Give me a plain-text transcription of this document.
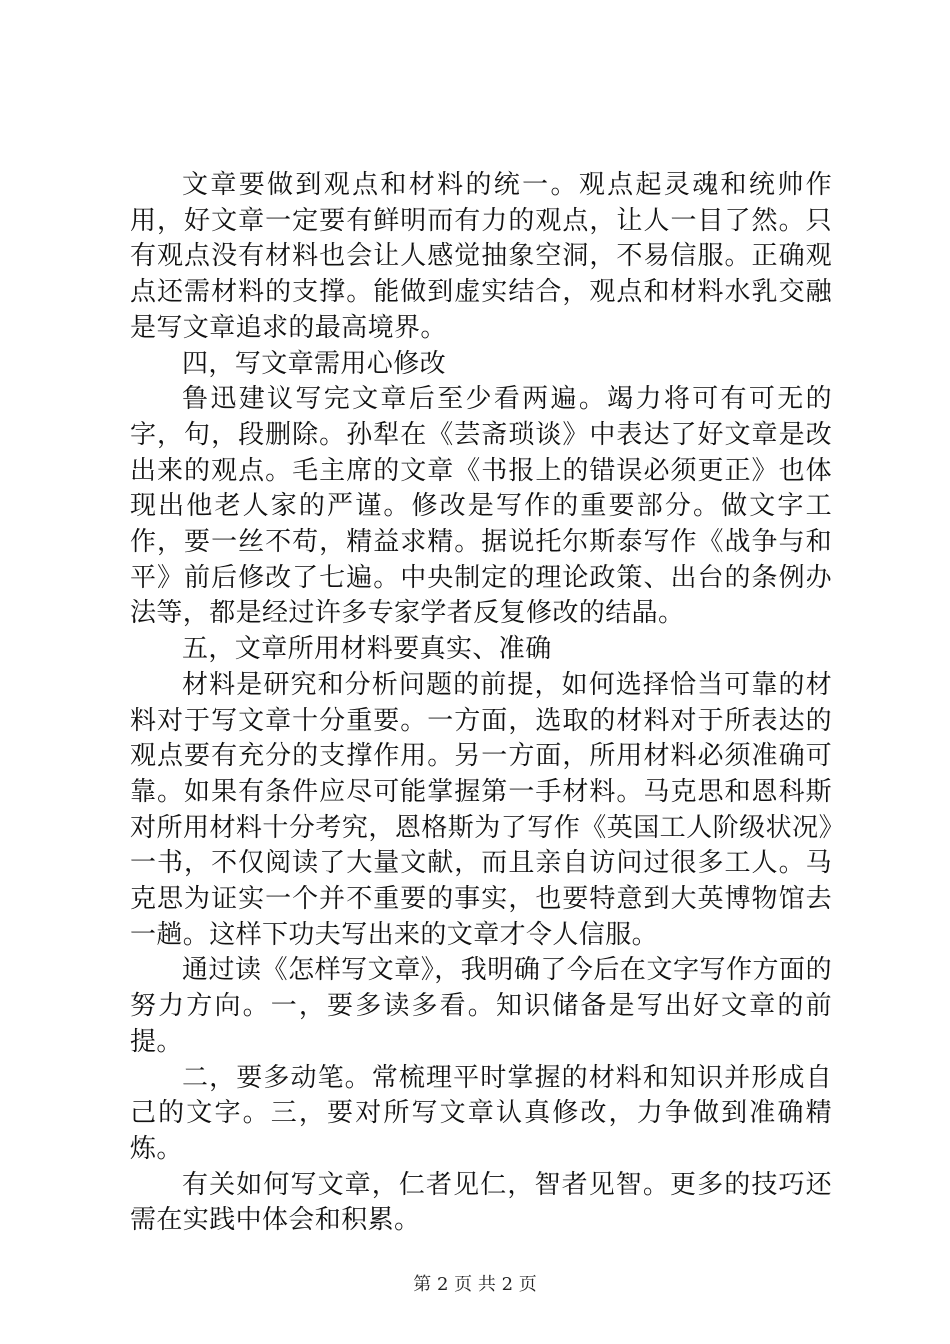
文章要做到观点和材料的统一。观点起灵魂和统帅作用，好文章一定要有鲜明而有力的观点，让人一目了然。只有观点没有材料也会让人感觉抽象空洞，不易信服。正确观点还需材料的支撑。能做到虚实结合，观点和材料水乳交融是写文章追求的最高境界。

四，写文章需用心修改

鲁迅建议写完文章后至少看两遍。竭力将可有可无的字，句，段删除。孙犁在《芸斋琐谈》中表达了好文章是改出来的观点。毛主席的文章《书报上的错误必须更正》也体现出他老人家的严谨。修改是写作的重要部分。做文字工作，要一丝不苟，精益求精。据说托尔斯泰写作《战争与和平》前后修改了七遍。中央制定的理论政策、出台的条例办法等，都是经过许多专家学者反复修改的结晶。

五，文章所用材料要真实、准确

材料是研究和分析问题的前提，如何选择恰当可靠的材料对于写文章十分重要。一方面，选取的材料对于所表达的观点要有充分的支撑作用。另一方面，所用材料必须准确可靠。如果有条件应尽可能掌握第一手材料。马克思和恩科斯对所用材料十分考究，恩格斯为了写作《英国工人阶级状况》一书，不仅阅读了大量文献，而且亲自访问过很多工人。马克思为证实一个并不重要的事实，也要特意到大英博物馆去一趟。这样下功夫写出来的文章才令人信服。

通过读《怎样写文章》，我明确了今后在文字写作方面的努力方向。一，要多读多看。知识储备是写出好文章的前提。

二，要多动笔。常梳理平时掌握的材料和知识并形成自己的文字。三，要对所写文章认真修改，力争做到准确精炼。

有关如何写文章，仁者见仁，智者见智。更多的技巧还需在实践中体会和积累。

第 2 页 共 2 页
